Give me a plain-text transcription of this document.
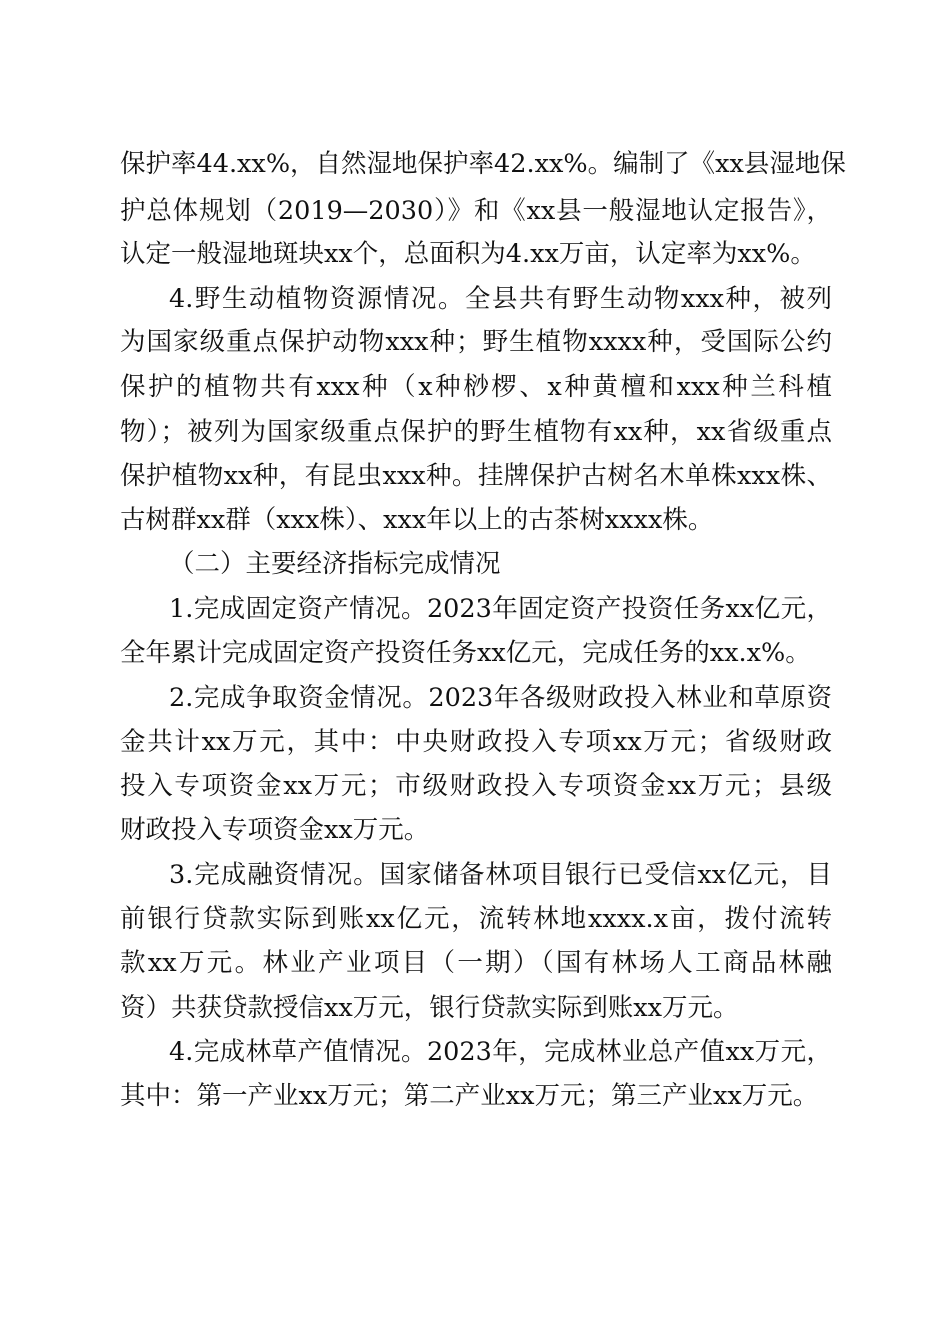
保护率44.xx%，自然湿地保护率42.xx%。编制了《xx县湿地保
护总体规划（2019—2030）》和《xx县一般湿地认定报告》，
认定一般湿地斑块xx个，总面积为4.xx万亩，认定率为xx%。
4.野生动植物资源情况。全县共有野生动物xxx种，被列
为国家级重点保护动物xxx种；野生植物xxxx种，受国际公约
保护的植物共有xxx种（x种桫椤、x种黄檀和xxx种兰科植
物）；被列为国家级重点保护的野生植物有xx种，xx省级重点
保护植物xx种，有昆虫xxx种。挂牌保护古树名木单株xxx株、
古树群xx群（xxx株）、xxx年以上的古茶树xxxx株。
（二）主要经济指标完成情况
1.完成固定资产情况。2023年固定资产投资任务xx亿元，
全年累计完成固定资产投资任务xx亿元，完成任务的xx.x%。
2.完成争取资金情况。2023年各级财政投入林业和草原资
金共计xx万元，其中：中央财政投入专项xx万元；省级财政
投入专项资金xx万元；市级财政投入专项资金xx万元；县级
财政投入专项资金xx万元。
3.完成融资情况。国家储备林项目银行已受信xx亿元，目
前银行贷款实际到账xx亿元，流转林地xxxx.x亩，拨付流转
款xx万元。林业产业项目（一期）（国有林场人工商品林融
资）共获贷款授信xx万元，银行贷款实际到账xx万元。
4.完成林草产值情况。2023年，完成林业总产值xx万元，
其中：第一产业xx万元；第二产业xx万元；第三产业xx万元。
